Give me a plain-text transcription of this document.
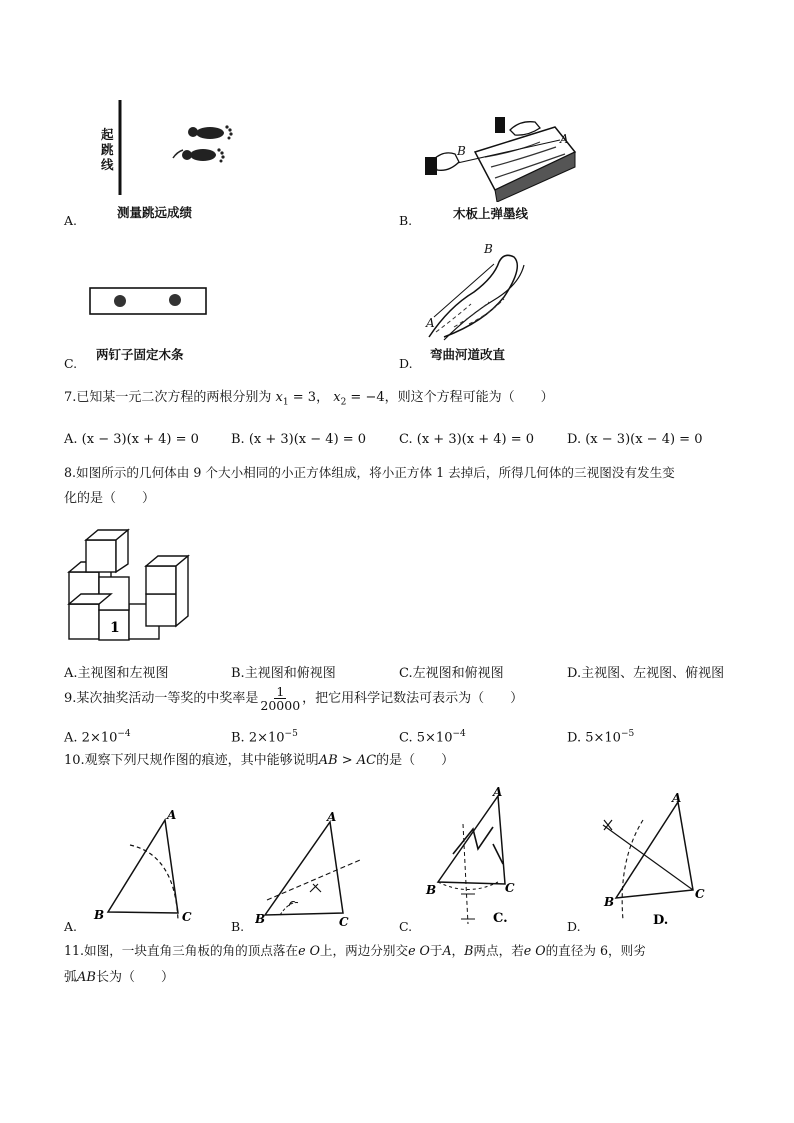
起跳线
测量跳远成绩
A.
A
B
木板上弹墨线
B.
两钉子固定木条
C.
B
A
弯曲河道改直
D.
7.已知某一元二次方程的两根分别为 $x_1 = 3$， $x_2 = -4$，则这个方程可能为（　　）
A. (x − 3)(x + 4) = 0 B. (x + 3)(x − 4) = 0	C. (x + 3)(x + 4) = 0	D. (x − 3)(x − 4) = 0
8.如图所示的几何体由 9 个大小相同的小正方体组成，将小正方体 1 去掉后，所得几何体的三视图没有发生变
化的是（　　）
1
A.主视图和左视图	B.主视图和俯视图	C.左视图和俯视图	D.主视图、左视图、俯视图
9.某次抽奖活动一等奖的中奖率是 $\frac{1}{20000}$ ，把它用科学记数法可表示为（　　）
A. $2\times 10^{-4}$	B. $2\times 10^{-5}$	C. $5\times 10^{-4}$	D. $5\times 10^{-5}$
10.观察下列尺规作图的痕迹，其中能够说明AB > AC的是（　　）
A
B	C
A.
A
B	C
B.
A
B	C
C.
C.
A
B
C
D.
D.
11.如图，一块直角三角板的角的顶点落在e O上，两边分别交e O于A，B两点，若e O的直径为 6，则劣
弧AB长为（　　）
